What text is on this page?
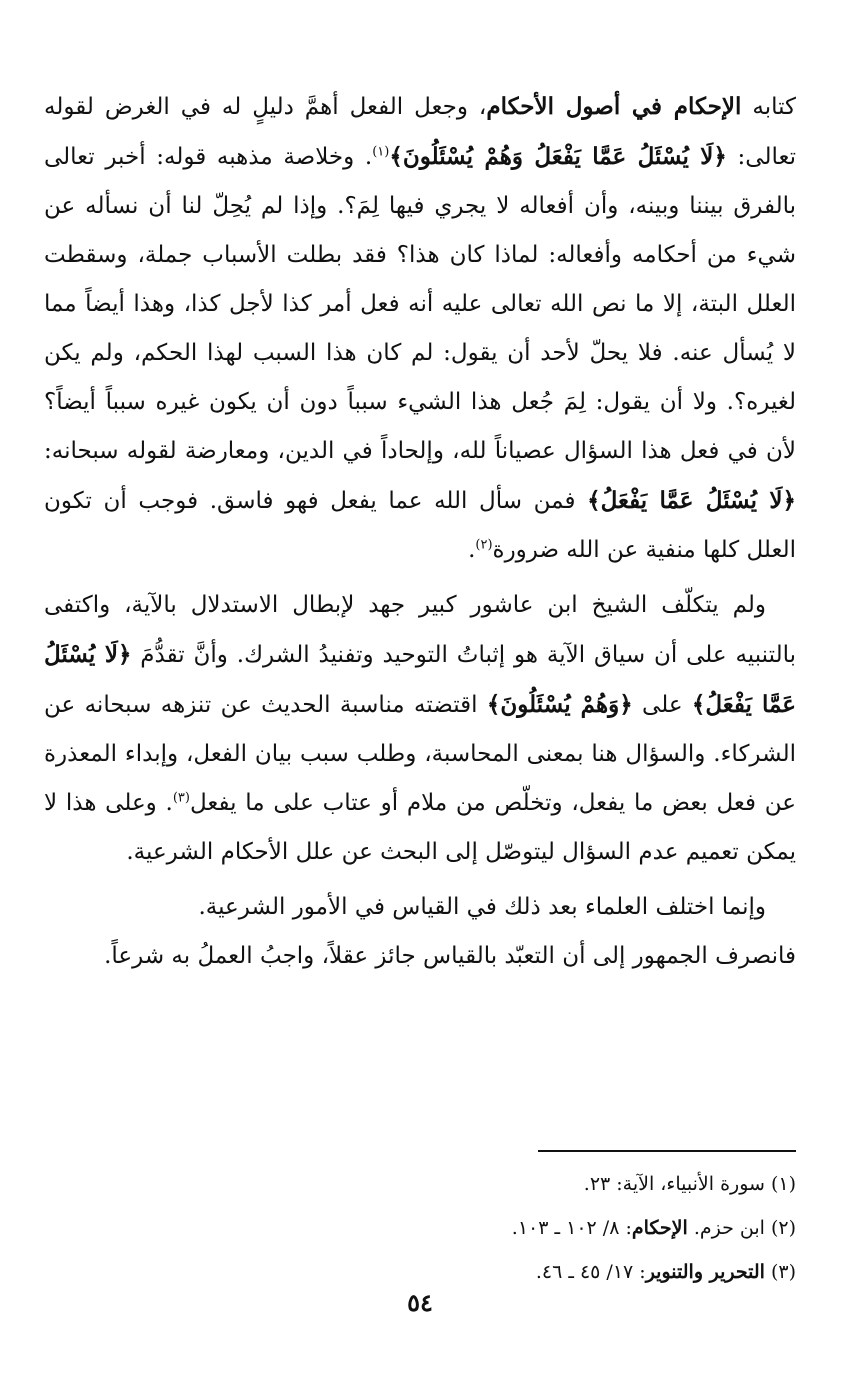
كتابه الإحكام في أصول الأحكام، وجعل الفعل أهمَّ دليلٍ له في الغرض لقوله تعالى: ﴿لَا يُسْئَلُ عَمَّا يَفْعَلُ وَهُمْ يُسْئَلُونَ﴾$^{(١)}$. وخلاصة مذهبه قوله: أخبر تعالى بالفرق بيننا وبينه، وأن أفعاله لا يجري فيها لِمَ؟. وإذا لم يُحِلّ لنا أن نسأله عن شيء من أحكامه وأفعاله: لماذا كان هذا؟ فقد بطلت الأسباب جملة، وسقطت العلل البتة، إلا ما نص الله تعالى عليه أنه فعل أمر كذا لأجل كذا، وهذا أيضاً مما لا يُسأل عنه. فلا يحلّ لأحد أن يقول: لم كان هذا السبب لهذا الحكم، ولم يكن لغيره؟. ولا أن يقول: لِمَ جُعل هذا الشيء سبباً دون أن يكون غيره سبباً أيضاً؟ لأن في فعل هذا السؤال عصياناً لله، وإلحاداً في الدين، ومعارضة لقوله سبحانه: ﴿لَا يُسْئَلُ عَمَّا يَفْعَلُ﴾ فمن سأل الله عما يفعل فهو فاسق. فوجب أن تكون العلل كلها منفية عن الله ضرورة$^{(٢)}$.

ولم يتكلّف الشيخ ابن عاشور كبير جهد لإبطال الاستدلال بالآية، واكتفى بالتنبيه على أن سياق الآية هو إثباتُ التوحيد وتفنيدُ الشرك. وأنَّ تقدُّمَ ﴿لَا يُسْئَلُ عَمَّا يَفْعَلُ﴾ على ﴿وَهُمْ يُسْئَلُونَ﴾ اقتضته مناسبة الحديث عن تنزهه سبحانه عن الشركاء. والسؤال هنا بمعنى المحاسبة، وطلب سبب بيان الفعل، وإبداء المعذرة عن فعل بعض ما يفعل، وتخلّص من ملام أو عتاب على ما يفعل$^{(٣)}$. وعلى هذا لا يمكن تعميم عدم السؤال ليتوصّل إلى البحث عن علل الأحكام الشرعية.

وإنما اختلف العلماء بعد ذلك في القياس في الأمور الشرعية.

فانصرف الجمهور إلى أن التعبّد بالقياس جائز عقلاً، واجبُ العملُ به شرعاً.

(١)سورة الأنبياء، الآية: ٢٣.
(٢)ابن حزم. الإحكام: ٨/ ١٠٢ ـ ١٠٣.
(٣)التحرير والتنوير: ١٧/ ٤٥ ـ ٤٦.
٥٤
